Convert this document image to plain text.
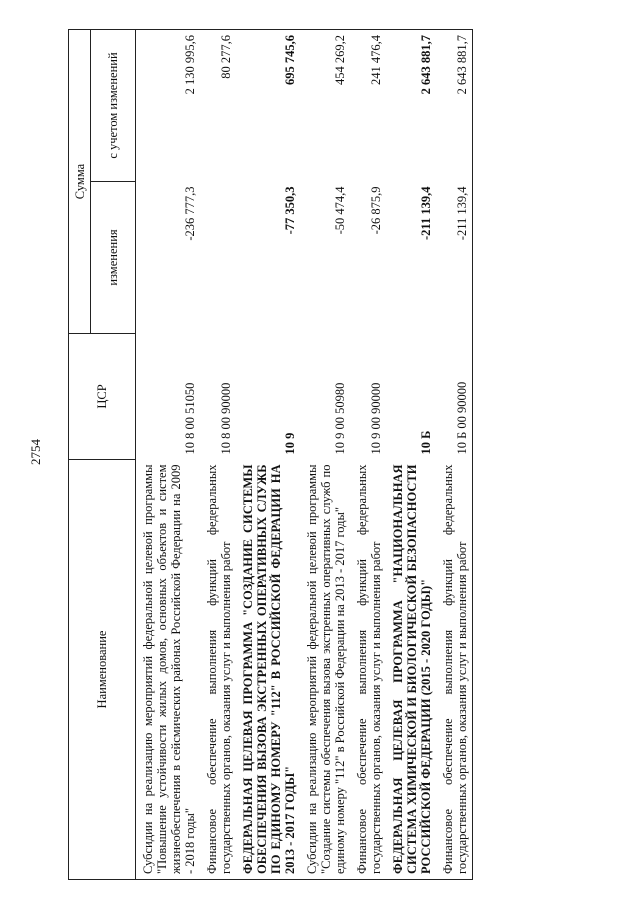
2754
Наименование	ЦСР	Сумма	
		изменения	с учетом изменений
Субсидии на реализацию мероприятий федеральной целевой программы "Повышение устойчивости жилых домов, основных объектов и систем жизнеобеспечения в сейсмических районах Российской Федерации на 2009 - 2018 годы"	10 8 00 51050	-236 777,3	2 130 995,6
Финансовое обеспечение выполнения функций федеральных государственных органов, оказания услуг и выполнения работ	10 8 00 90000		80 277,6
ФЕДЕРАЛЬНАЯ ЦЕЛЕВАЯ ПРОГРАММА "СОЗДАНИЕ СИСТЕМЫ ОБЕСПЕЧЕНИЯ ВЫЗОВА ЭКСТРЕННЫХ ОПЕРАТИВНЫХ СЛУЖБ ПО ЕДИНОМУ НОМЕРУ "112" В РОССИЙСКОЙ ФЕДЕРАЦИИ НА 2013 - 2017 ГОДЫ"	10 9	-77 350,3	695 745,6
Субсидии на реализацию мероприятий федеральной целевой программы "Создание системы обеспечения вызова экстренных оперативных служб по единому номеру "112" в Российской Федерации на 2013 - 2017 годы"	10 9 00 50980	-50 474,4	454 269,2
Финансовое обеспечение выполнения функций федеральных государственных органов, оказания услуг и выполнения работ	10 9 00 90000	-26 875,9	241 476,4
ФЕДЕРАЛЬНАЯ ЦЕЛЕВАЯ ПРОГРАММА "НАЦИОНАЛЬНАЯ СИСТЕМА ХИМИЧЕСКОЙ И БИОЛОГИЧЕСКОЙ БЕЗОПАСНОСТИ РОССИЙСКОЙ ФЕДЕРАЦИИ (2015 - 2020 ГОДЫ)"	10 Б	-211 139,4	2 643 881,7
Финансовое обеспечение выполнения функций федеральных государственных органов, оказания услуг и выполнения работ	10 Б 00 90000	-211 139,4	2 643 881,7
